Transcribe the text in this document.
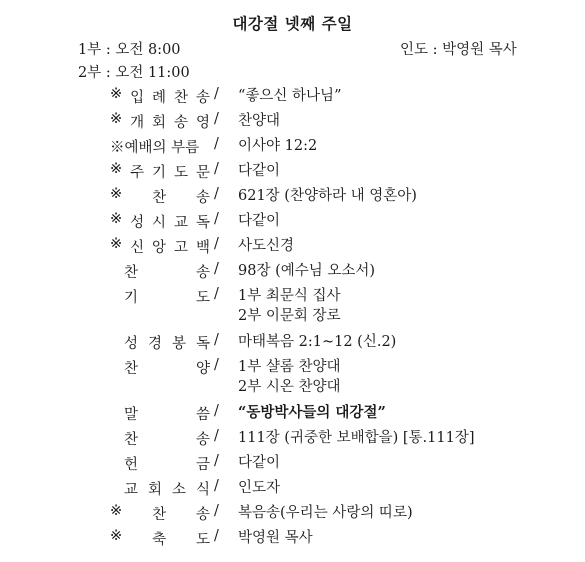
대강절 넷째 주일
1부 : 오전 8:00
2부 : 오전 11:00
인도 : 박영원 목사
※ 입 례 찬 송 / “좋으신 하나님”
※ 개 회 송 영 / 찬양대
※예배의 부름	/ 이사야 12:2
※ 주 기 도 문 / 다같이
※ 찬 송 / 621장 (찬양하라 내 영혼아)
※ 성 시 교 독 / 다같이
※ 신 앙 고 백 / 사도신경
찬	송 / 98장 (예수님 오소서)
기	도 / 1부 최문식 집사
2부 이문회 장로
성 경 봉 독 / 마태복음 2:1~12 (신.2)
찬	양 / 1부 샬롬 찬양대
2부 시온 찬양대
말	씀 / “동방박사들의 대강절”
찬	송 / 111장 (귀중한 보배합을) [통.111장]
헌	금 / 다같이
교 회 소 식 / 인도자
※ 찬 송 / 복음송(우리는 사랑의 띠로)
※ 축 도 / 박영원 목사
